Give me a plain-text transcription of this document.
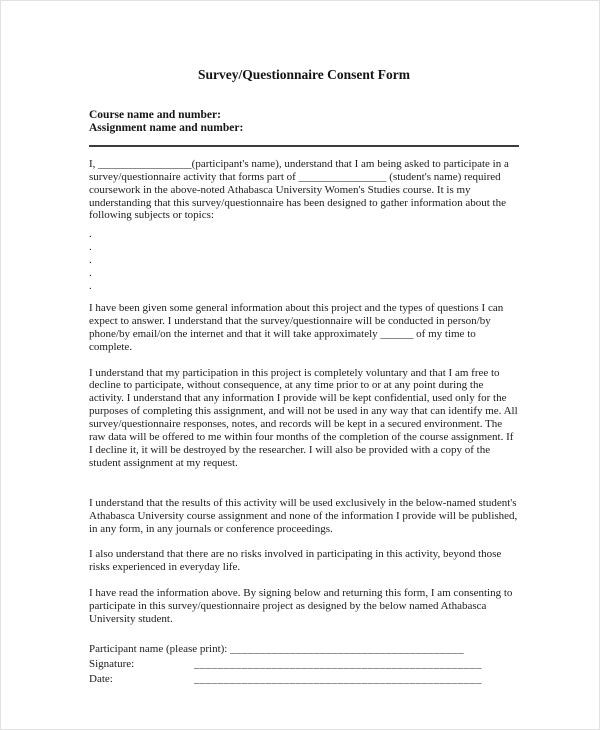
Survey/Questionnaire Consent Form
Course name and number:
Assignment name and number:

I, _________________(participant's name), understand that I am being asked to participate in a survey/questionnaire activity that forms part of ________________ (student's name) required coursework in the above-noted Athabasca University Women's Studies course. It is my understanding that this survey/questionnaire has been designed to gather information about the following subjects or topics:

.
.
.
.
.

I have been given some general information about this project and the types of questions I can expect to answer. I understand that the survey/questionnaire will be conducted in person/by phone/by email/on the internet and that it will take approximately ______ of my time to complete.

I understand that my participation in this project is completely voluntary and that I am free to decline to participate, without consequence, at any time prior to or at any point during the activity. I understand that any information I provide will be kept confidential, used only for the purposes of completing this assignment, and will not be used in any way that can identify me. All survey/questionnaire responses, notes, and records will be kept in a secured environment. The raw data will be offered to me within four months of the completion of the course assignment. If I decline it, it will be destroyed by the researcher. I will also be provided with a copy of the student assignment at my request.

I understand that the results of this activity will be used exclusively in the below-named student's Athabasca University course assignment and none of the information I provide will be published, in any form, in any journals or conference proceedings.

I also understand that there are no risks involved in participating in this activity, beyond those risks experienced in everyday life.

I have read the information above. By signing below and returning this form, I am consenting to participate in this survey/questionnaire project as designed by the below named Athabasca University student.

Participant name (please print): _______________________________________
Signature:	________________________________________________
Date:	________________________________________________
